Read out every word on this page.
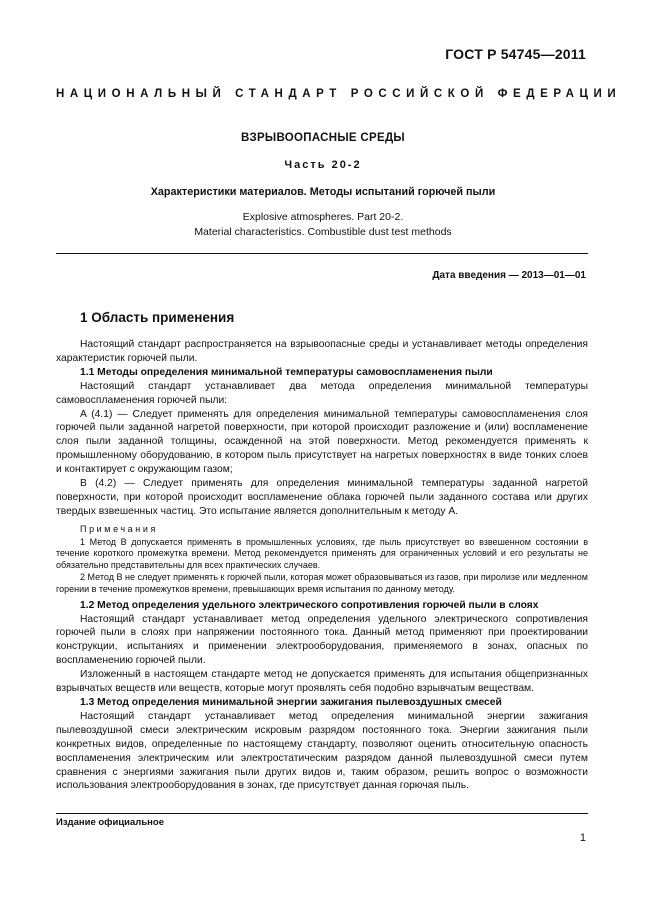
ГОСТ Р 54745—2011
НАЦИОНАЛЬНЫЙ СТАНДАРТ РОССИЙСКОЙ ФЕДЕРАЦИИ
ВЗРЫВООПАСНЫЕ СРЕДЫ
Часть 20-2
Характеристики материалов. Методы испытаний горючей пыли
Explosive atmospheres. Part 20-2.
Material characteristics. Combustible dust test methods
Дата введения — 2013—01—01
1 Область применения

Настоящий стандарт распространяется на взрывоопасные среды и устанавливает методы определения характеристик горючей пыли.

1.1 Методы определения минимальной температуры самовоспламенения пыли

Настоящий стандарт устанавливает два метода определения минимальной температуры самовоспламенения горючей пыли:

A (4.1) — Следует применять для определения минимальной температуры самовоспламенения слоя горючей пыли заданной нагретой поверхности, при которой происходит разложение и (или) воспламенение слоя пыли заданной толщины, осажденной на этой поверхности. Метод рекомендуется применять к промышленному оборудованию, в котором пыль присутствует на нагретых поверхностях в виде тонких слоев и контактирует с окружающим газом;

B (4.2) — Следует применять для определения минимальной температуры заданной нагретой поверхности, при которой происходит воспламенение облака горючей пыли заданного состава или других твердых взвешенных частиц. Это испытание является дополнительным к методу A.

Примечания

1 Метод B допускается применять в промышленных условиях, где пыль присутствует во взвешенном состоянии в течение короткого промежутка времени. Метод рекомендуется применять для ограниченных условий и его результаты не обязательно представительны для всех практических случаев.

2 Метод B не следует применять к горючей пыли, которая может образовываться из газов, при пиролизе или медленном горении в течение промежутков времени, превышающих время испытания по данному методу.

1.2 Метод определения удельного электрического сопротивления горючей пыли в слоях

Настоящий стандарт устанавливает метод определения удельного электрического сопротивления горючей пыли в слоях при напряжении постоянного тока. Данный метод применяют при проектировании конструкции, испытаниях и применении электрооборудования, применяемого в зонах, опасных по воспламенению горючей пыли.

Изложенный в настоящем стандарте метод не допускается применять для испытания общепризнанных взрывчатых веществ или веществ, которые могут проявлять себя подобно взрывчатым веществам.

1.3 Метод определения минимальной энергии зажигания пылевоздушных смесей

Настоящий стандарт устанавливает метод определения минимальной энергии зажигания пылевоздушной смеси электрическим искровым разрядом постоянного тока. Энергии зажигания пыли конкретных видов, определенные по настоящему стандарту, позволяют оценить относительную опасность воспламенения электрическим или электростатическим разрядом данной пылевоздушной смеси путем сравнения с энергиями зажигания пыли других видов и, таким образом, решить вопрос о возможности использования электрооборудования в зонах, где присутствует данная горючая пыль.

Издание официальное
1
